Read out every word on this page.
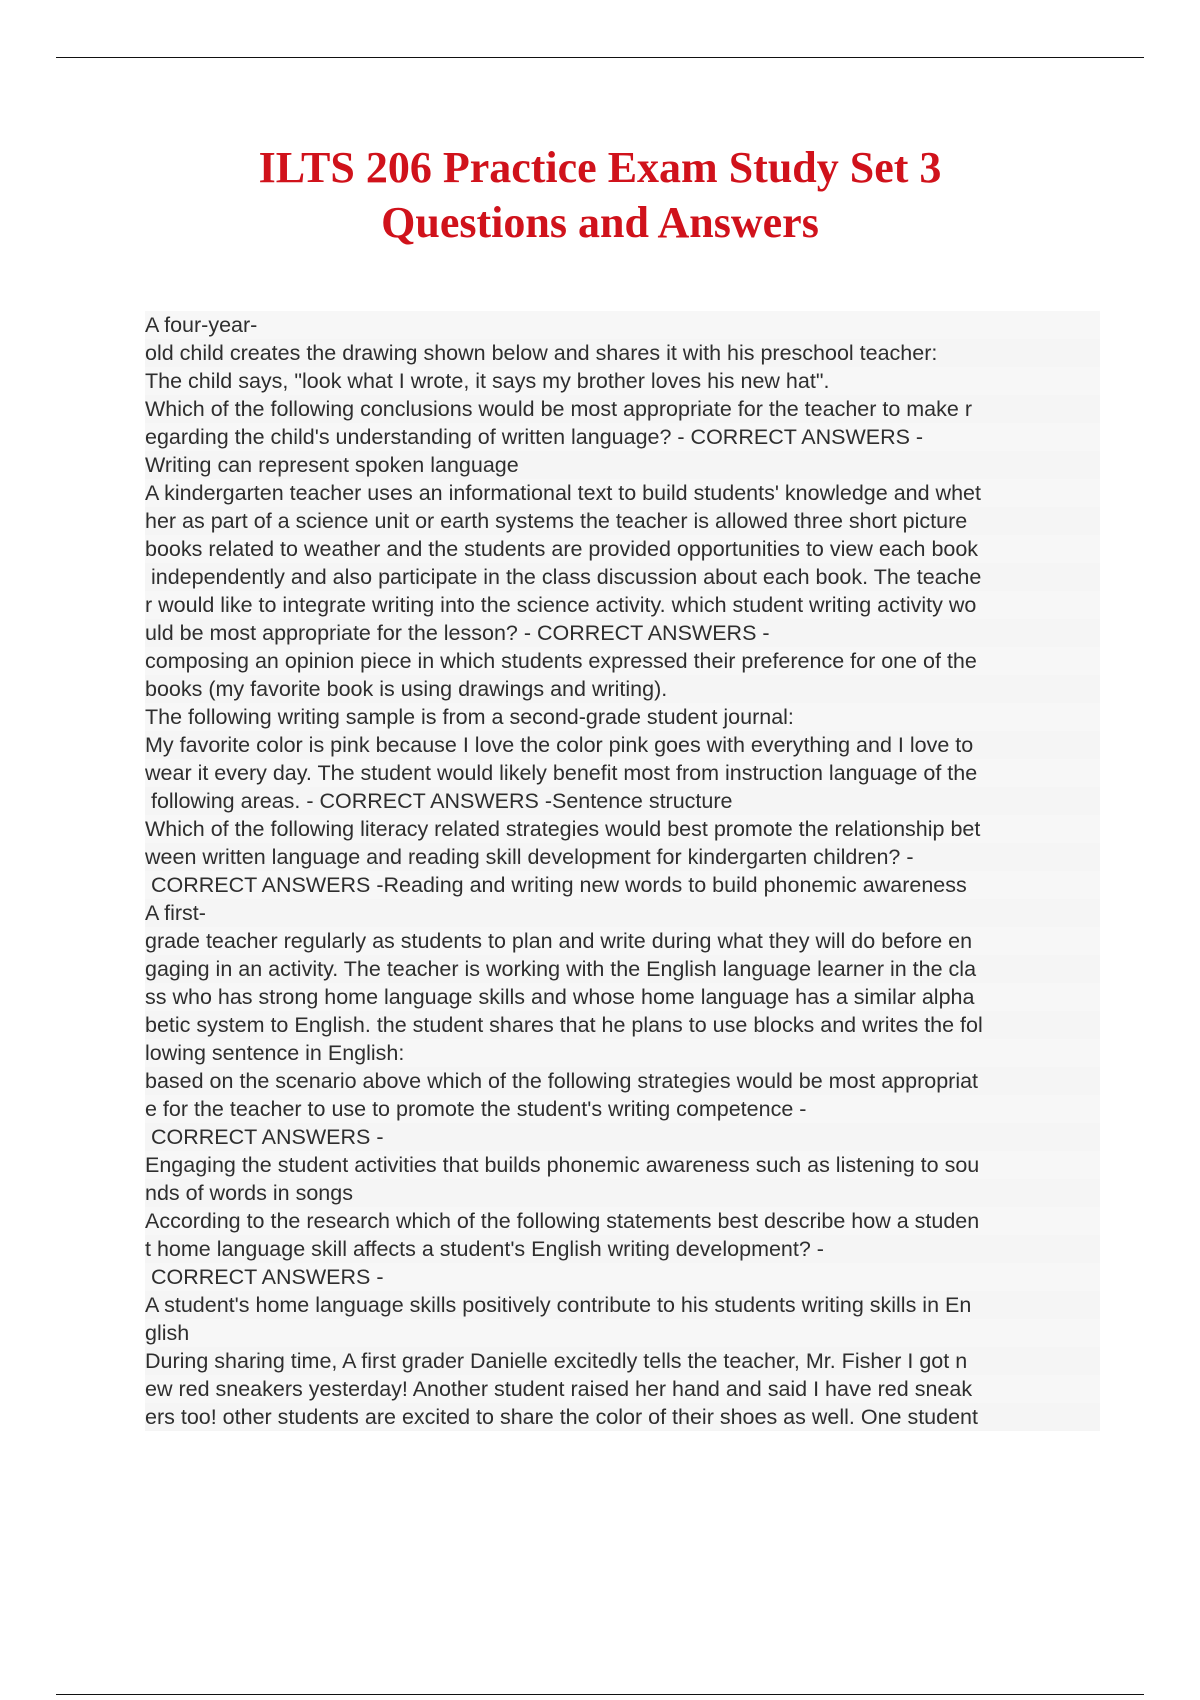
ILTS 206 Practice Exam Study Set 3
Questions and Answers
A four-year-
old child creates the drawing shown below and shares it with his preschool teacher:
The child says, "look what I wrote, it says my brother loves his new hat".
Which of the following conclusions would be most appropriate for the teacher to make r
egarding the child's understanding of written language? - CORRECT ANSWERS -
Writing can represent spoken language
A kindergarten teacher uses an informational text to build students' knowledge and whet
her as part of a science unit or earth systems the teacher is allowed three short picture
books related to weather and the students are provided opportunities to view each book
independently and also participate in the class discussion about each book. The teache
r would like to integrate writing into the science activity. which student writing activity wo
uld be most appropriate for the lesson? - CORRECT ANSWERS -
composing an opinion piece in which students expressed their preference for one of the
books (my favorite book is using drawings and writing).
The following writing sample is from a second-grade student journal:
My favorite color is pink because I love the color pink goes with everything and I love to
wear it every day. The student would likely benefit most from instruction language of the
following areas. - CORRECT ANSWERS -Sentence structure
Which of the following literacy related strategies would best promote the relationship bet
ween written language and reading skill development for kindergarten children? -
CORRECT ANSWERS -Reading and writing new words to build phonemic awareness
A first-
grade teacher regularly as students to plan and write during what they will do before en
gaging in an activity. The teacher is working with the English language learner in the cla
ss who has strong home language skills and whose home language has a similar alpha
betic system to English. the student shares that he plans to use blocks and writes the fol
lowing sentence in English:
based on the scenario above which of the following strategies would be most appropriat
e for the teacher to use to promote the student's writing competence -
CORRECT ANSWERS -
Engaging the student activities that builds phonemic awareness such as listening to sou
nds of words in songs
According to the research which of the following statements best describe how a studen
t home language skill affects a student's English writing development? -
CORRECT ANSWERS -
A student's home language skills positively contribute to his students writing skills in En
glish
During sharing time, A first grader Danielle excitedly tells the teacher, Mr. Fisher I got n
ew red sneakers yesterday! Another student raised her hand and said I have red sneak
ers too! other students are excited to share the color of their shoes as well. One student
